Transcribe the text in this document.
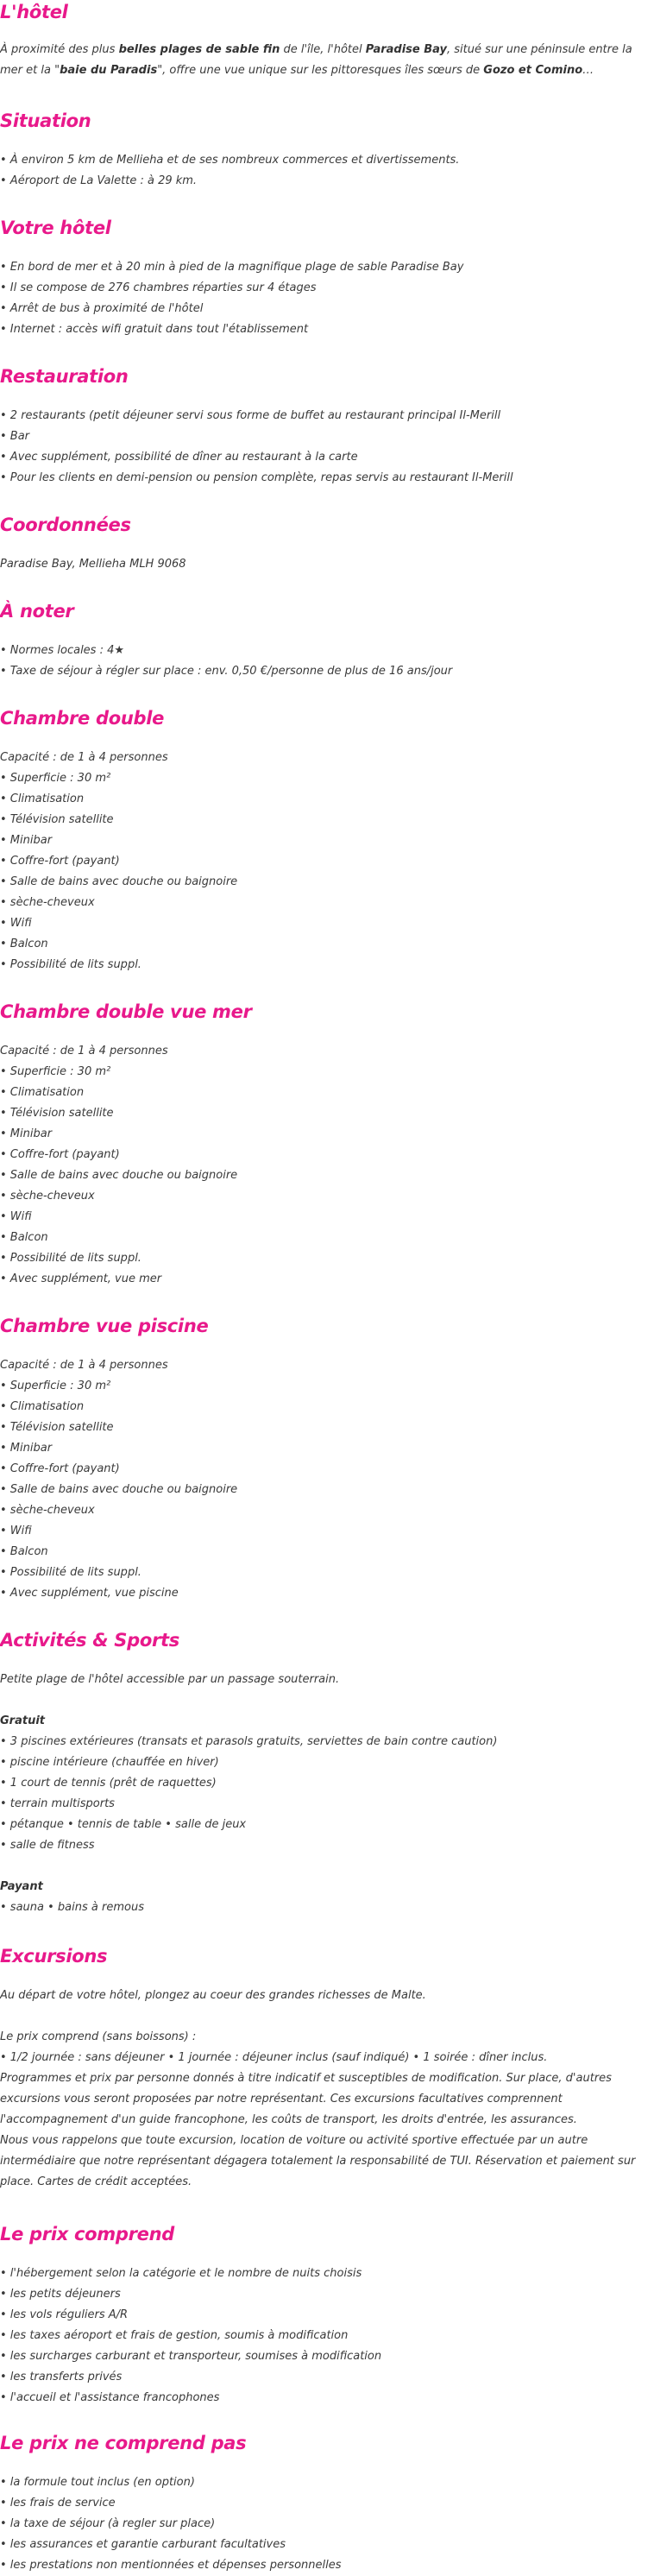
L'hôtel

À proximité des plus belles plages de sable fin de l'île, l'hôtel Paradise Bay, situé sur une péninsule entre la mer et la "baie du Paradis", offre une vue unique sur les pittoresques îles sœurs de Gozo et Comino…

Situation

• À environ 5 km de Mellieha et de ses nombreux commerces et divertissements.

• Aéroport de La Valette : à 29 km.

Votre hôtel

• En bord de mer et à 20 min à pied de la magnifique plage de sable Paradise Bay

• Il se compose de 276 chambres réparties sur 4 étages

• Arrêt de bus à proximité de l'hôtel

• Internet : accès wifi gratuit dans tout l'établissement

Restauration

• 2 restaurants (petit déjeuner servi sous forme de buffet au restaurant principal Il-Merill

• Bar

• Avec supplément, possibilité de dîner au restaurant à la carte

• Pour les clients en demi-pension ou pension complète, repas servis au restaurant Il-Merill

Coordonnées

Paradise Bay, Mellieha MLH 9068

À noter

• Normes locales : 4★

• Taxe de séjour à régler sur place : env. 0,50 €/personne de plus de 16 ans/jour

Chambre double

Capacité : de 1 à 4 personnes

• Superficie : 30 m²

• Climatisation

• Télévision satellite

• Minibar

• Coffre-fort (payant)

• Salle de bains avec douche ou baignoire

• sèche-cheveux

• Wifi

• Balcon

• Possibilité de lits suppl.

Chambre double vue mer

Capacité : de 1 à 4 personnes

• Superficie : 30 m²

• Climatisation

• Télévision satellite

• Minibar

• Coffre-fort (payant)

• Salle de bains avec douche ou baignoire

• sèche-cheveux

• Wifi

• Balcon

• Possibilité de lits suppl.

• Avec supplément, vue mer

Chambre vue piscine

Capacité : de 1 à 4 personnes

• Superficie : 30 m²

• Climatisation

• Télévision satellite

• Minibar

• Coffre-fort (payant)

• Salle de bains avec douche ou baignoire

• sèche-cheveux

• Wifi

• Balcon

• Possibilité de lits suppl.

• Avec supplément, vue piscine

Activités & Sports

Petite plage de l'hôtel accessible par un passage souterrain.

Gratuit

• 3 piscines extérieures (transats et parasols gratuits, serviettes de bain contre caution)

• piscine intérieure (chauffée en hiver)

• 1 court de tennis (prêt de raquettes)

• terrain multisports

• pétanque • tennis de table • salle de jeux

• salle de fitness

Payant

• sauna • bains à remous

Excursions

Au départ de votre hôtel, plongez au coeur des grandes richesses de Malte.

Le prix comprend (sans boissons) :

• 1/2 journée : sans déjeuner • 1 journée : déjeuner inclus (sauf indiqué) • 1 soirée : dîner inclus.

Programmes et prix par personne donnés à titre indicatif et susceptibles de modification. Sur place, d'autres excursions vous seront proposées par notre représentant. Ces excursions facultatives comprennent l'accompagnement d'un guide francophone, les coûts de transport, les droits d'entrée, les assurances.

Nous vous rappelons que toute excursion, location de voiture ou activité sportive effectuée par un autre intermédiaire que notre représentant dégagera totalement la responsabilité de TUI. Réservation et paiement sur place. Cartes de crédit acceptées.

Le prix comprend

• l'hébergement selon la catégorie et le nombre de nuits choisis

• les petits déjeuners

• les vols réguliers A/R

• les taxes aéroport et frais de gestion, soumis à modification

• les surcharges carburant et transporteur, soumises à modification

• les transferts privés

• l'accueil et l'assistance francophones

Le prix ne comprend pas

• la formule tout inclus (en option)

• les frais de service

• la taxe de séjour (à regler sur place)

• les assurances et garantie carburant facultatives

• les prestations non mentionnées et dépenses personnelles
